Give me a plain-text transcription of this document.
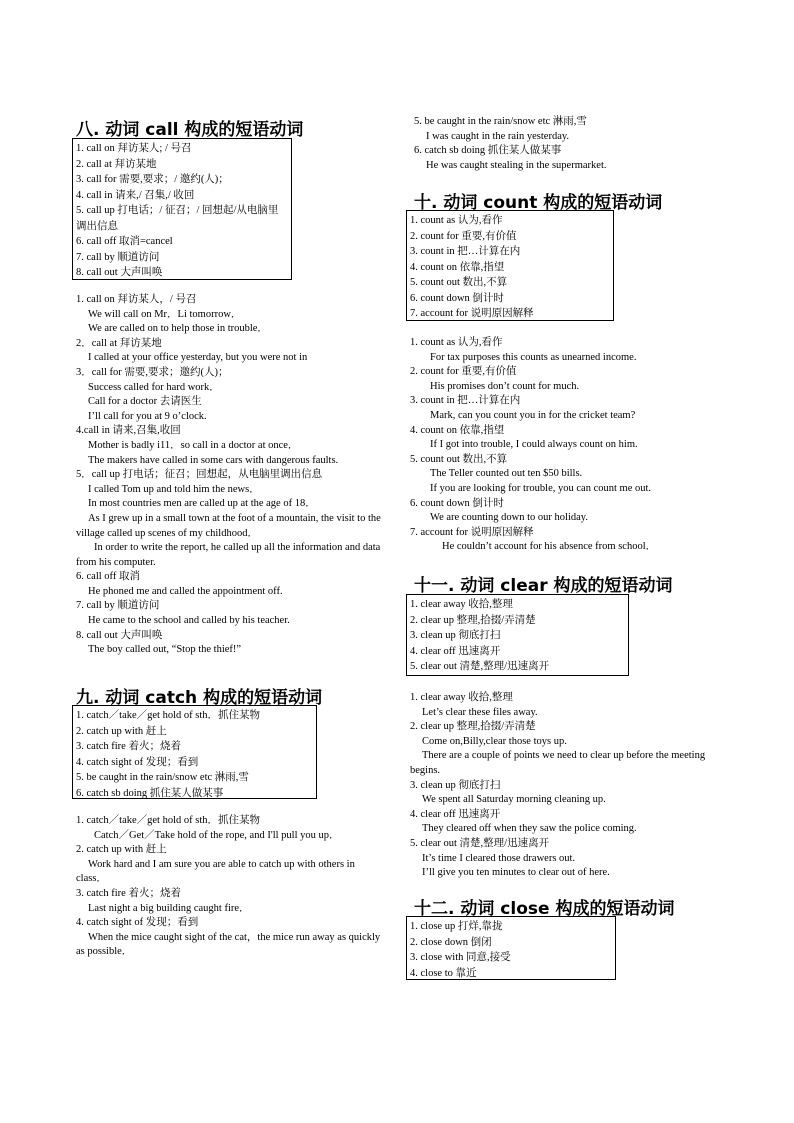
八. 动词 call 构成的短语动词
1. call on 拜访某人; / 号召
2. call at 拜访某地
3. call for 需要,要求；/ 邀约(人)；
4. call in 请来,/ 召集,/ 收回
5. call up 打电话；/ 征召；/ 回想起/从电脑里调出信息
6. call off 取消=cancel
7. call by 顺道访问
8. call out 大声叫唤
1. call on 拜访某人，/ 号召
We will call on Mr．Li tomorrow．
We are called on to help those in trouble．
2．call at 拜访某地
I called at your office yesterday, but you were not in
3．call for 需要,要求；邀约(人)；
Success called for hard work．
Call for a doctor 去请医生
I’ll call for you at 9 o’clock.
4.call in 请来,召集,收回
Mother is badly i11．so call in a doctor at once．
The makers have called in some cars with dangerous faults.
5．call up 打电话；征召；回想起，从电脑里调出信息
I called Tom up and told him the news．
In most countries men are called up at the age of 18．
As I grew up in a small town at the foot of a mountain, the visit to the village called up scenes of my childhood．
In order to write the report, he called up all the information and data from his computer.
6. call off 取消
He phoned me and called the appointment off.
7. call by 顺道访问
He came to the school and called by his teacher.
8. call out 大声叫唤
The boy called out, “Stop the thief!”
九. 动词 catch 构成的短语动词
1. catch／take／get hold of sth．抓住某物
2. catch up with 赶上
3. catch fire 着火；烧着
4. catch sight of 发现；看到
5. be caught in the rain/snow etc 淋雨,雪
6. catch sb doing 抓住某人做某事
1. catch／take／get hold of sth．抓住某物
Catch／Get／Take hold of the rope, and I'll pull you up．
2. catch up with 赶上
Work hard and I am sure you are able to catch up with others in class．
3. catch fire 着火；烧着
Last night a big building caught fire．
4. catch sight of 发现；看到
When the mice caught sight of the cat，the mice run away as quickly as possible．
5. be caught in the rain/snow etc 淋雨,雪
I was caught in the rain yesterday.
6. catch sb doing 抓住某人做某事
He was caught stealing in the supermarket.
十. 动词 count 构成的短语动词
1. count as 认为,看作
2. count for 重要,有价值
3. count in 把…计算在内
4. count on 依靠,指望
5. count out 数出,不算
6. count down 倒计时
7. account for 说明原因解释
1. count as 认为,看作
For tax purposes this counts as unearned income.
2. count for 重要,有价值
His promises don’t count for much.
3. count in 把…计算在内
Mark, can you count you in for the cricket team?
4. count on 依靠,指望
If I got into trouble, I could always count on him.
5. count out 数出,不算
The Teller counted out ten $50 bills.
If you are looking for trouble, you can count me out.
6. count down 倒计时
We are counting down to our holiday.
7. account for 说明原因解释
He couldn’t account for his absence from school．
十一. 动词 clear 构成的短语动词
1. clear away 收拾,整理
2. clear up 整理,拾掇/弄清楚
3. clean up 彻底打扫
4. clear off 迅速离开
5. clear out 清楚,整理/迅速离开
1. clear away 收拾,整理
Let’s clear these files away.
2. clear up 整理,拾掇/弄清楚
Come on,Billy,clear those toys up.
There are a couple of points we need to clear up before the meeting begins.
3. clean up 彻底打扫
We spent all Saturday morning cleaning up.
4. clear off 迅速离开
They cleared off when they saw the police coming.
5. clear out 清楚,整理/迅速离开
It’s time I cleared those drawers out.
I’ll give you ten minutes to clear out of here.
十二. 动词 close 构成的短语动词
1. close up 打烊,靠拢
2. close down 倒闭
3. close with 同意,接受
4. close to 靠近
